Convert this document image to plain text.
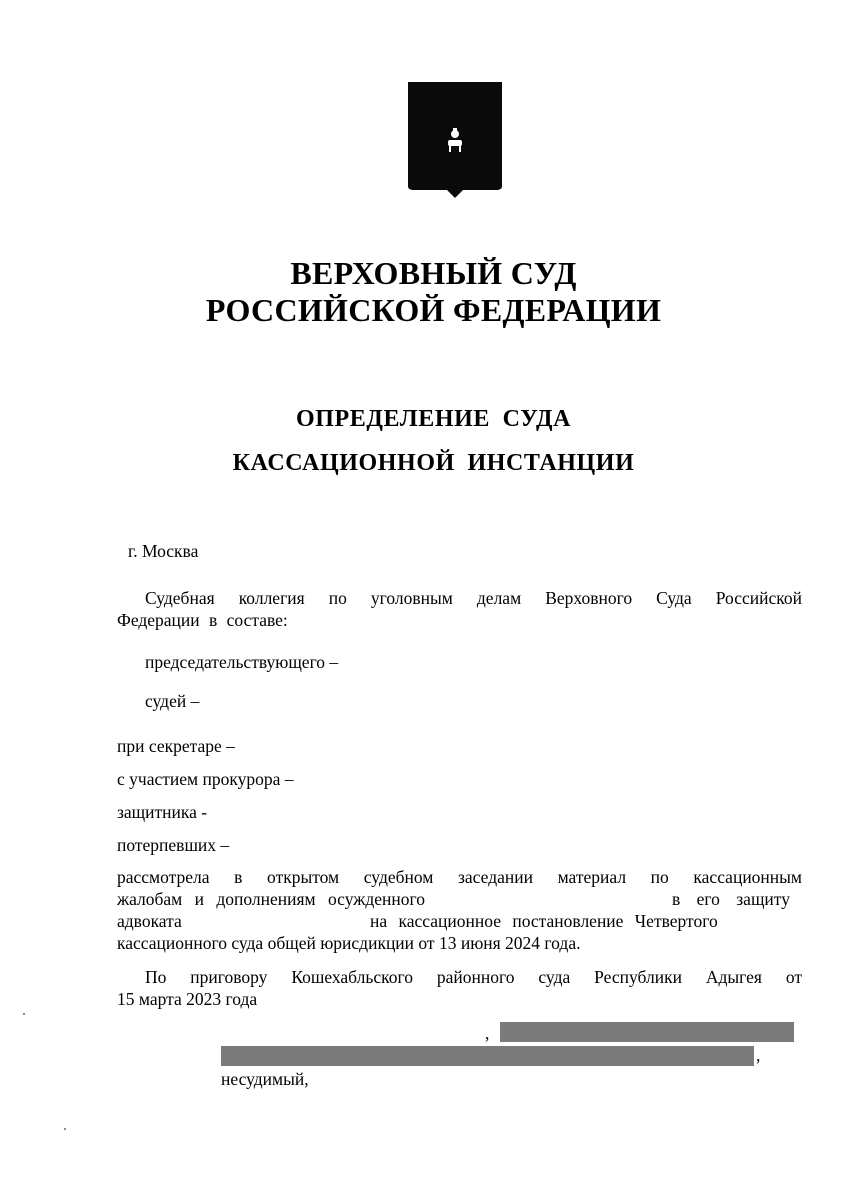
ВЕРХОВНЫЙ СУД
РОССИЙСКОЙ ФЕДЕРАЦИИ
ОПРЕДЕЛЕНИЕ СУДА
КАССАЦИОННОЙ ИНСТАНЦИИ
г. Москва
Судебная коллегия по уголовным делам Верховного Суда Российской
Федерации в составе:
председательствующего –
судей –
при секретаре –
с участием прокурора –
защитника -
потерпевших –
рассмотрела в открытом судебном заседании материал по кассационным
жалобам и дополнениям осужденного	в его защиту
адвоката	на кассационное постановление Четвертого
кассационного суда общей юрисдикции от 13 июня 2024 года.
По приговору Кошехабльского районного суда Республики Адыгея от
15 марта 2023 года
,
,
несудимый,
